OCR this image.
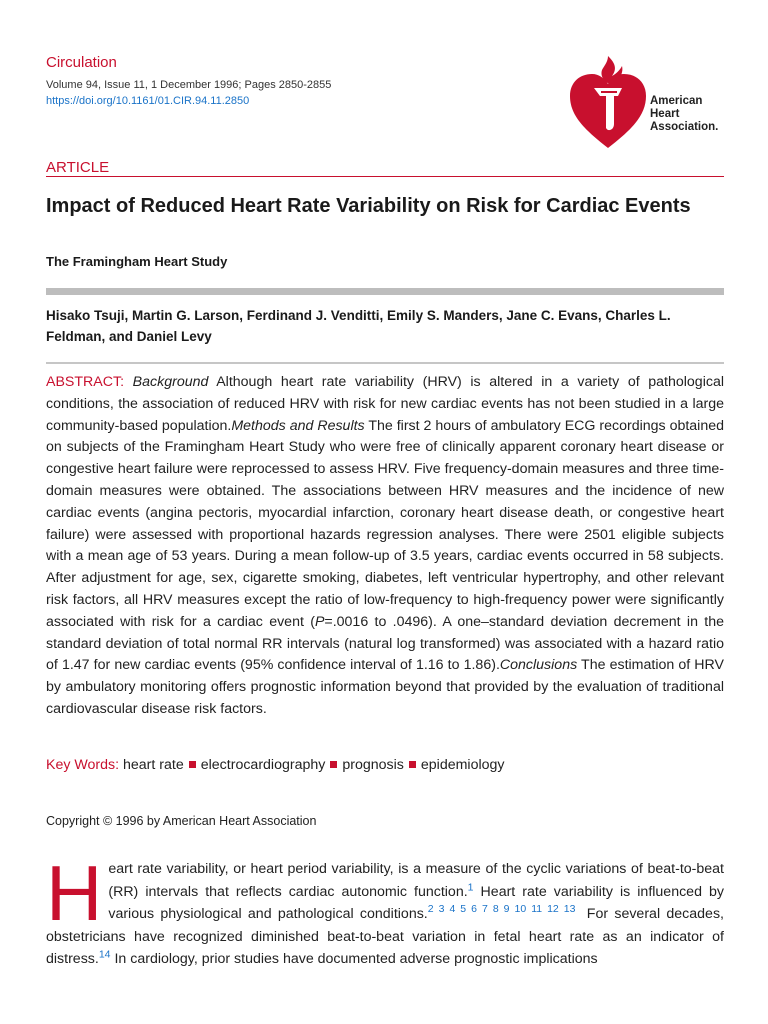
Circulation
Volume 94, Issue 11, 1 December 1996; Pages 2850-2855
https://doi.org/10.1161/01.CIR.94.11.2850	American
Heart
Association.
ARTICLE
Impact of Reduced Heart Rate Variability on Risk for Cardiac Events
The Framingham Heart Study
Hisako Tsuji, Martin G. Larson, Ferdinand J. Venditti, Emily S. Manders, Jane C. Evans, Charles L. Feldman, and Daniel Levy
ABSTRACT: Background Although heart rate variability (HRV) is altered in a variety of pathological conditions, the association of reduced HRV with risk for new cardiac events has not been studied in a large community-based population.Methods and Results The first 2 hours of ambulatory ECG recordings obtained on subjects of the Framingham Heart Study who were free of clinically apparent coronary heart disease or congestive heart failure were reprocessed to assess HRV. Five frequency-domain measures and three time-domain measures were obtained. The associations between HRV measures and the incidence of new cardiac events (angina pectoris, myocardial infarction, coronary heart disease death, or congestive heart failure) were assessed with proportional hazards regression analyses. There were 2501 eligible subjects with a mean age of 53 years. During a mean follow-up of 3.5 years, cardiac events occurred in 58 subjects. After adjustment for age, sex, cigarette smoking, diabetes, left ventricular hypertrophy, and other relevant risk factors, all HRV measures except the ratio of low-frequency to high-frequency power were significantly associated with risk for a cardiac event (P=.0016 to .0496). A one–standard deviation decrement in the standard deviation of total normal RR intervals (natural log transformed) was associated with a hazard ratio of 1.47 for new cardiac events (95% confidence interval of 1.16 to 1.86).Conclusions The estimation of HRV by ambulatory monitoring offers prognostic information beyond that provided by the evaluation of traditional cardiovascular disease risk factors.
Key Words: heart rate electrocardiography prognosis epidemiology
Copyright © 1996 by American Heart Association
Heart rate variability, or heart period variability, is a measure of the cyclic variations of beat-to-beat (RR) intervals that reflects cardiac autonomic function.$^1$ Heart rate variability is influenced by various physiological and pathological conditions.$^{2 3 4 5 6 7 8 9 10 11 12 13}$ For several decades, obstetricians have recognized diminished beat-to-beat variation in fetal heart rate as an indicator of distress.$^{14}$ In cardiology, prior studies have documented adverse prognostic implications
